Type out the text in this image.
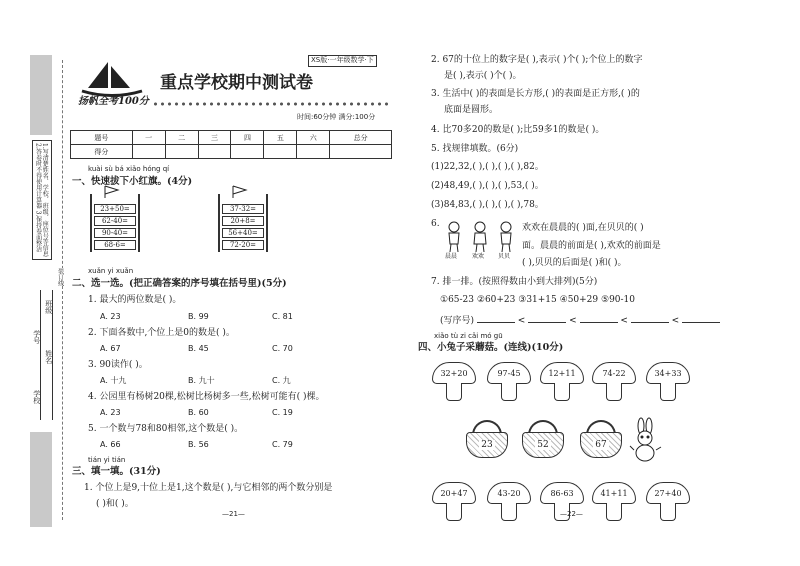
1.写清楚姓名、学校、班级、座位号等信息 2.答卷时不得使用计算器 3.保持卷面整洁
装订线
学校
班级
姓名
学号
扬帆全考100分
重点学校期中测试卷
XS版·一年级数学·下
时间:60分钟 满分:100分
题号	一	二	三	四	五	六	总分
得分							
kuài sù bá xiǎo hóng qí
一、快速拔下小红旗。(4分)
23+50=
62-40=
90-40=
68-6=
37-32=
20+8=
56+40=
72-20=
xuǎn yi xuǎn
二、选一选。(把正确答案的序号填在括号里)(5分)
1. 最大的两位数是( )。
A. 23	B. 99	C. 81
2. 下面各数中,个位上是0的数是( )。
A. 67	B. 45	C. 70
3. 90读作( )。
A. 十九	B. 九十	C. 九
4. 公园里有杨树20棵,松树比杨树多一些,松树可能有( )棵。
A. 23	B. 60	C. 19
5. 一个数与78和80相邻,这个数是( )。
A. 66	B. 56	C. 79
tián yi tián
三、填一填。(31分)
1. 个位上是9,十位上是1,这个数是( ),与它相邻的两个数分别是
( )和( )。
—21—
2. 67的十位上的数字是( ),表示( )个( );个位上的数字
是( ),表示( )个( )。
3. 生活中( )的表面是长方形,( )的表面是正方形,( )的
底面是圆形。
4. 比70多20的数是( );比59多1的数是( )。
5. 找规律填数。(6分)
(1)22,32,( ),( ),( ),( ),82。
(2)48,49,( ),( ),( ),53,( )。
(3)84,83,( ),( ),( ),( ),78。
6.
晨晨 欢欢 贝贝
欢欢在晨晨的( )面,在贝贝的( )
面。晨晨的前面是( ),欢欢的前面是
( ),贝贝的后面是( )和( )。
7. 排一排。(按照得数由小到大排列)(5分)
①65-23 ②60+23 ③31+15 ④50+29 ⑤90-10
(写序号)	<	<	<	<
xiǎo tù zi cǎi mó gū
四、小兔子采蘑菇。(连线)(10分)
32+20	97-45	12+11	74-22	34+33
23	52	67
20+47	43-20	86-63	41+11	27+40
—22—
